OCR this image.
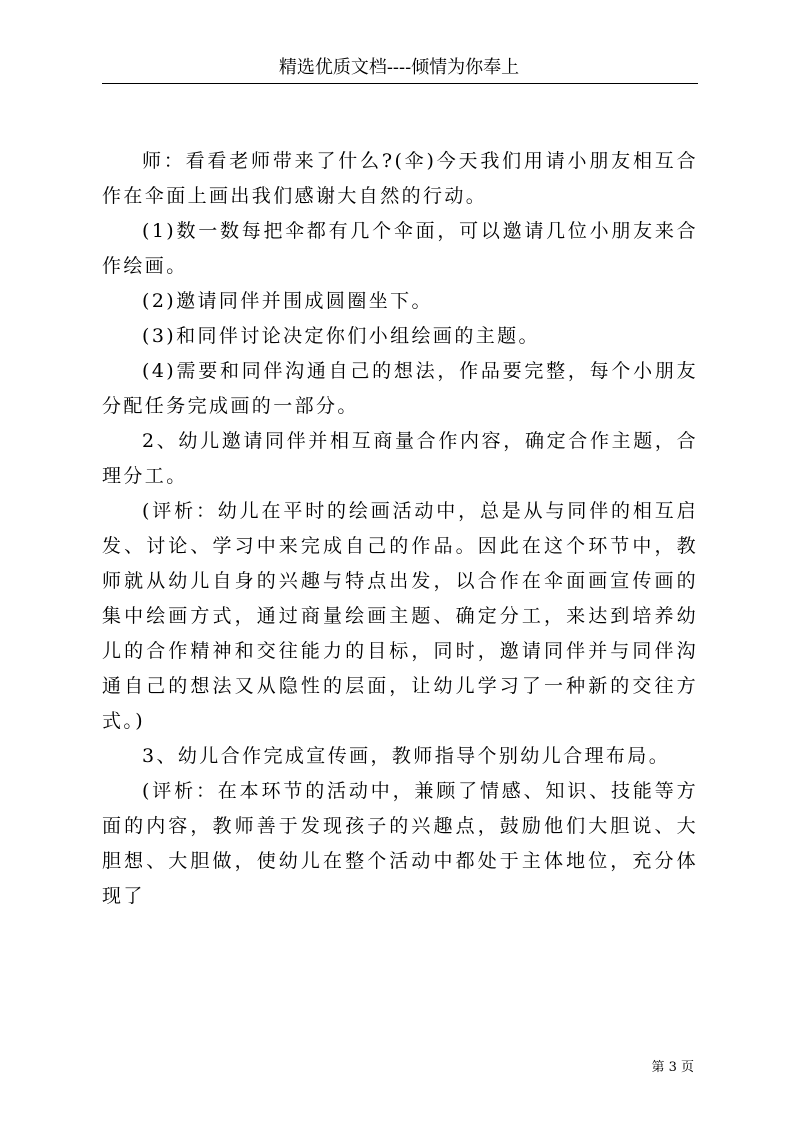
精选优质文档----倾情为你奉上

师：看看老师带来了什么?(伞)今天我们用请小朋友相互合作在伞面上画出我们感谢大自然的行动。

(1)数一数每把伞都有几个伞面，可以邀请几位小朋友来合作绘画。

(2)邀请同伴并围成圆圈坐下。

(3)和同伴讨论决定你们小组绘画的主题。

(4)需要和同伴沟通自己的想法，作品要完整，每个小朋友分配任务完成画的一部分。

2、幼儿邀请同伴并相互商量合作内容，确定合作主题，合理分工。

(评析：幼儿在平时的绘画活动中，总是从与同伴的相互启发、讨论、学习中来完成自己的作品。因此在这个环节中，教师就从幼儿自身的兴趣与特点出发，以合作在伞面画宣传画的集中绘画方式，通过商量绘画主题、确定分工，来达到培养幼儿的合作精神和交往能力的目标，同时，邀请同伴并与同伴沟通自己的想法又从隐性的层面，让幼儿学习了一种新的交往方式。)

3、幼儿合作完成宣传画，教师指导个别幼儿合理布局。

(评析：在本环节的活动中，兼顾了情感、知识、技能等方面的内容，教师善于发现孩子的兴趣点，鼓励他们大胆说、大胆想、大胆做，使幼儿在整个活动中都处于主体地位，充分体现了

第 3 页
